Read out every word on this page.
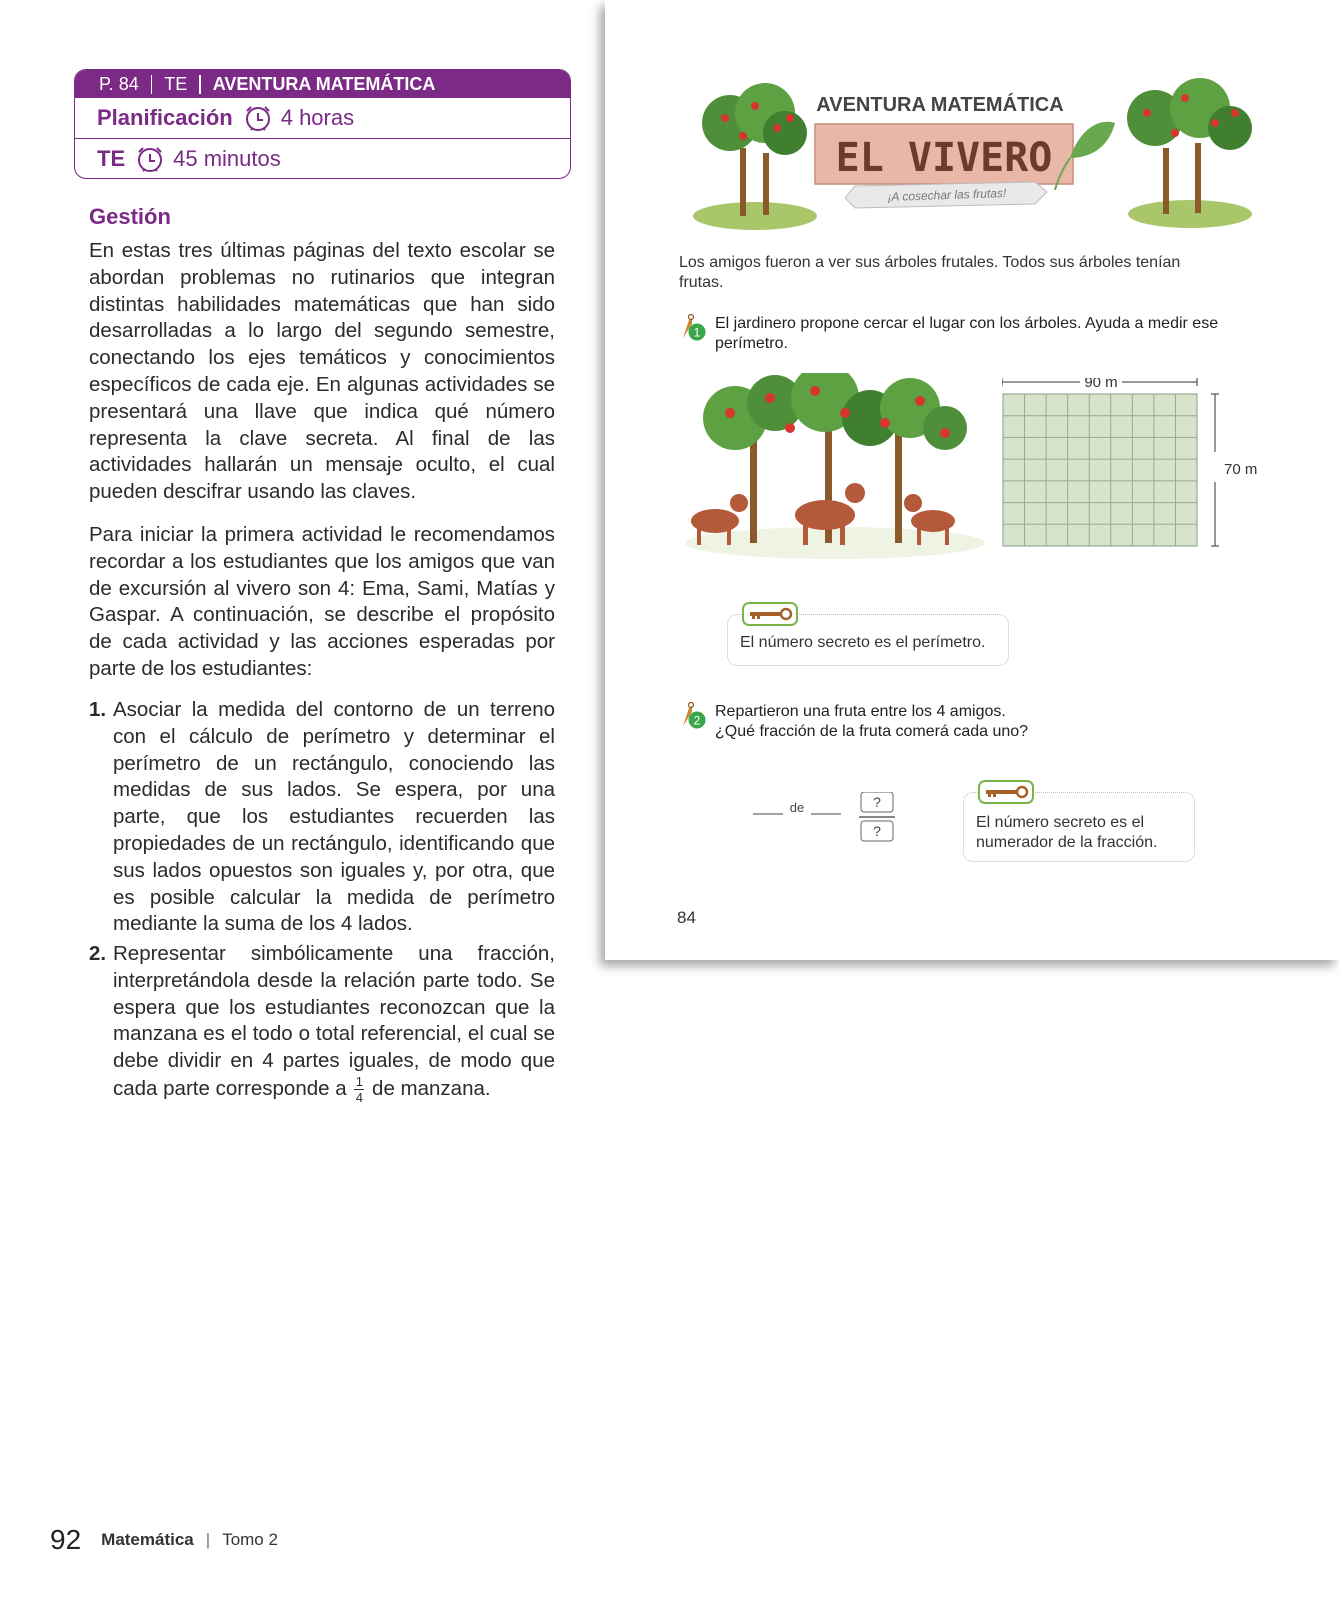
P. 84 TE AVENTURA MATEMÁTICA
Planificación 4 horas
TE 45 minutos
Gestión

En estas tres últimas páginas del texto escolar se abordan problemas no rutinarios que integran distintas habilidades matemáticas que han sido desarrolladas a lo largo del segundo semestre, conectando los ejes temáticos y conocimientos específicos de cada eje. En algunas actividades se presentará una llave que indica qué número representa la clave secreta. Al final de las actividades hallarán un mensaje oculto, el cual pueden descifrar usando las claves.

Para iniciar la primera actividad le recomendamos recordar a los estudiantes que los amigos que van de excursión al vivero son 4: Ema, Sami, Matías y Gaspar. A continuación, se describe el propósito de cada actividad y las acciones esperadas por parte de los estudiantes:

1. Asociar la medida del contorno de un terreno con el cálculo de perímetro y determinar el perímetro de un rectángulo, conociendo las medidas de sus lados. Se espera, por una parte, que los estudiantes recuerden las propiedades de un rectángulo, identificando que sus lados opuestos son iguales y, por otra, que es posible calcular la medida de perímetro mediante la suma de los 4 lados.
2. Representar simbólicamente una fracción, interpretándola desde la relación parte todo. Se espera que los estudiantes reconozcan que la manzana es el todo o total referencial, el cual se debe dividir en 4 partes iguales, de modo que cada parte corresponde a $\frac{1}{4}$ de manzana.
92 Matemática | Tomo 2
AVENTURA MATEMÁTICA
EL VIVERO
¡A cosechar las frutas!

Los amigos fueron a ver sus árboles frutales. Todos sus árboles tenían frutas.

1
El jardinero propone cercar el lugar con los árboles. Ayuda a medir ese perímetro.
90 m
70 m
El número secreto es el perímetro.
2
Repartieron una fruta entre los 4 amigos.
¿Qué fracción de la fruta comerá cada uno?
de	?
?	El número secreto es el numerador de la fracción.
84
